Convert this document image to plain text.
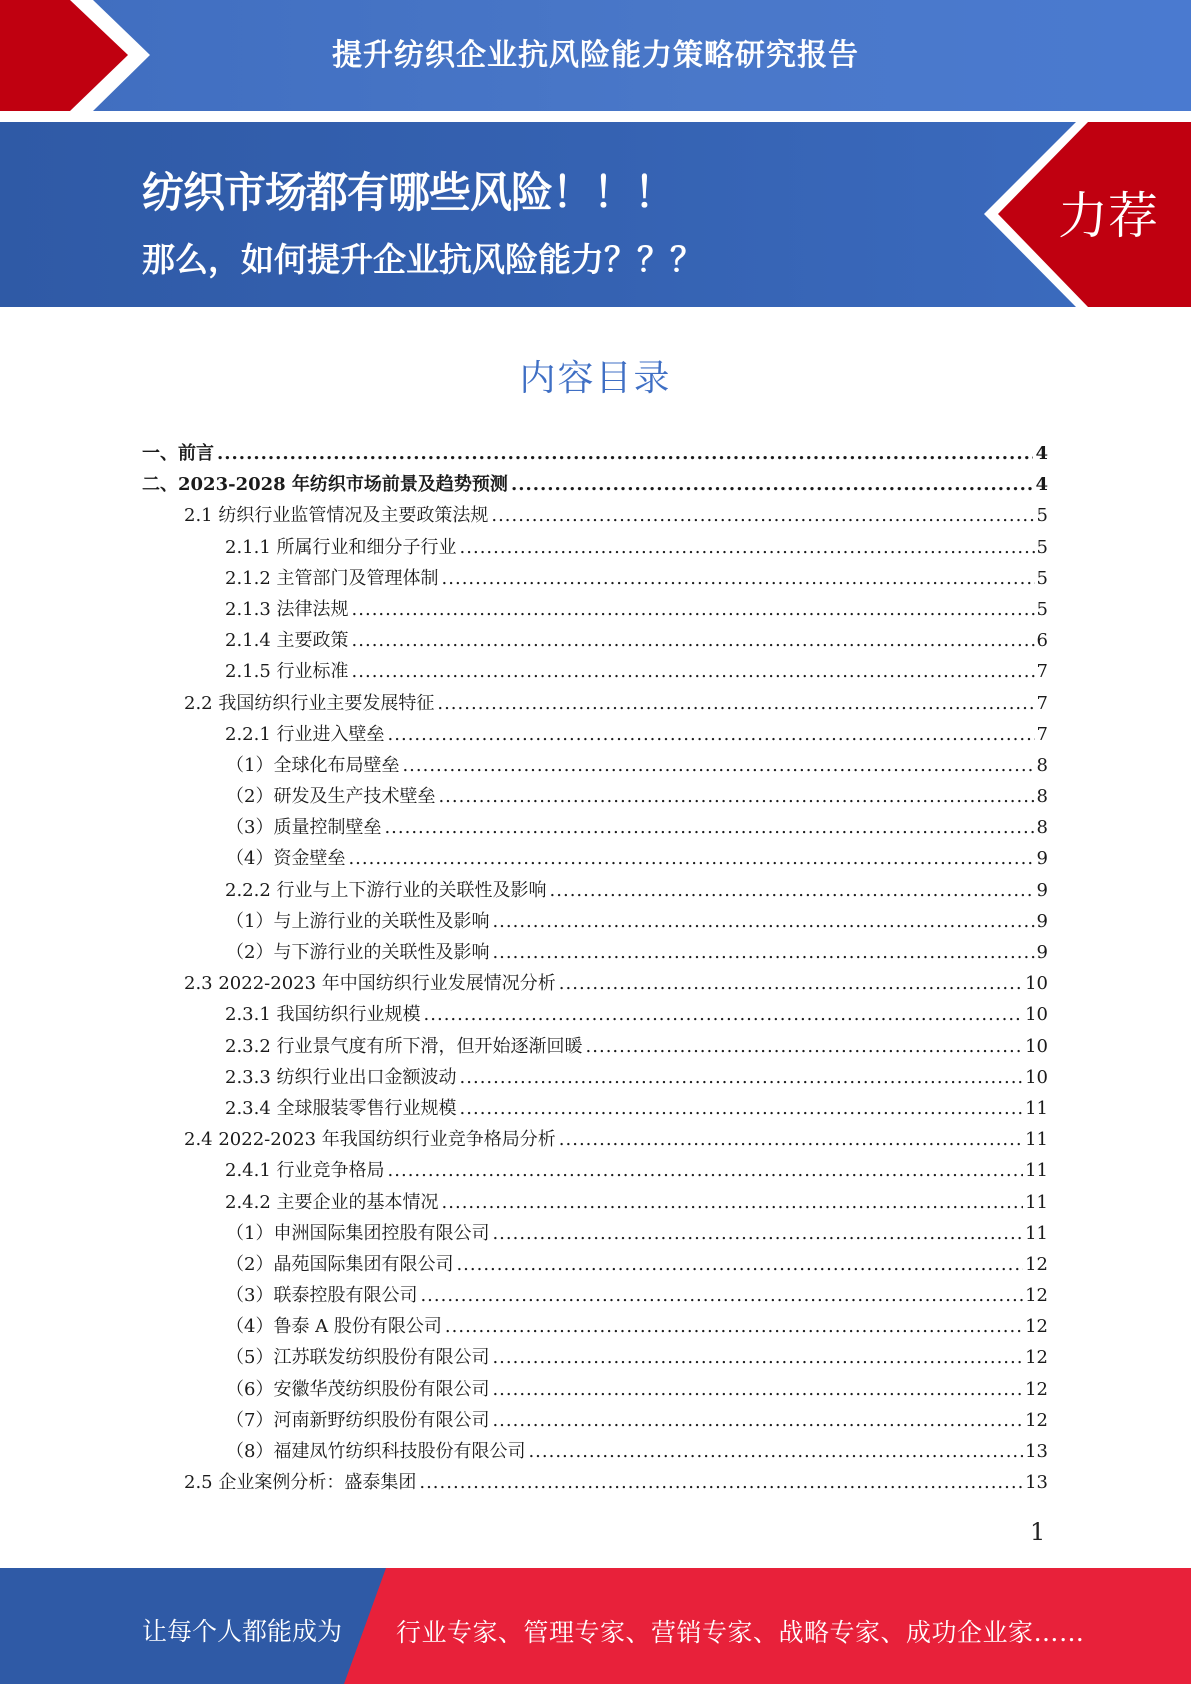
提升纺织企业抗风险能力策略研究报告
纺织市场都有哪些风险！！！
那么，如何提升企业抗风险能力？？？
力荐
内容目录
一、前言 .....	4
二、2023-2028 年纺织市场前景及趋势预测 .....	4
2.1 纺织行业监管情况及主要政策法规 .....	5
2.1.1 所属行业和细分子行业 .....	5
2.1.2 主管部门及管理体制 .....	5
2.1.3 法律法规 .....	5
2.1.4 主要政策 .....	6
2.1.5 行业标准 .....	7
2.2 我国纺织行业主要发展特征 .....	7
2.2.1 行业进入壁垒 .....	7
（1）全球化布局壁垒 .....	8
（2）研发及生产技术壁垒 .....	8
（3）质量控制壁垒 .....	8
（4）资金壁垒 .....	9
2.2.2 行业与上下游行业的关联性及影响 .....	9
（1）与上游行业的关联性及影响 .....	9
（2）与下游行业的关联性及影响 .....	9
2.3 2022-2023 年中国纺织行业发展情况分析 .....	10
2.3.1 我国纺织行业规模 .....	10
2.3.2 行业景气度有所下滑，但开始逐渐回暖 .....	10
2.3.3 纺织行业出口金额波动 .....	10
2.3.4 全球服装零售行业规模 .....	11
2.4 2022-2023 年我国纺织行业竞争格局分析 .....	11
2.4.1 行业竞争格局 .....	11
2.4.2 主要企业的基本情况 .....	11
（1）申洲国际集团控股有限公司 .....	11
（2）晶苑国际集团有限公司 .....	12
（3）联泰控股有限公司 .....	12
（4）鲁泰 A 股份有限公司 .....	12
（5）江苏联发纺织股份有限公司 .....	12
（6）安徽华茂纺织股份有限公司 .....	12
（7）河南新野纺织股份有限公司 .....	12
（8）福建凤竹纺织科技股份有限公司 .....	13
2.5 企业案例分析：盛泰集团 .....	13
1
让每个人都能成为 行业专家、管理专家、营销专家、战略专家、成功企业家……
